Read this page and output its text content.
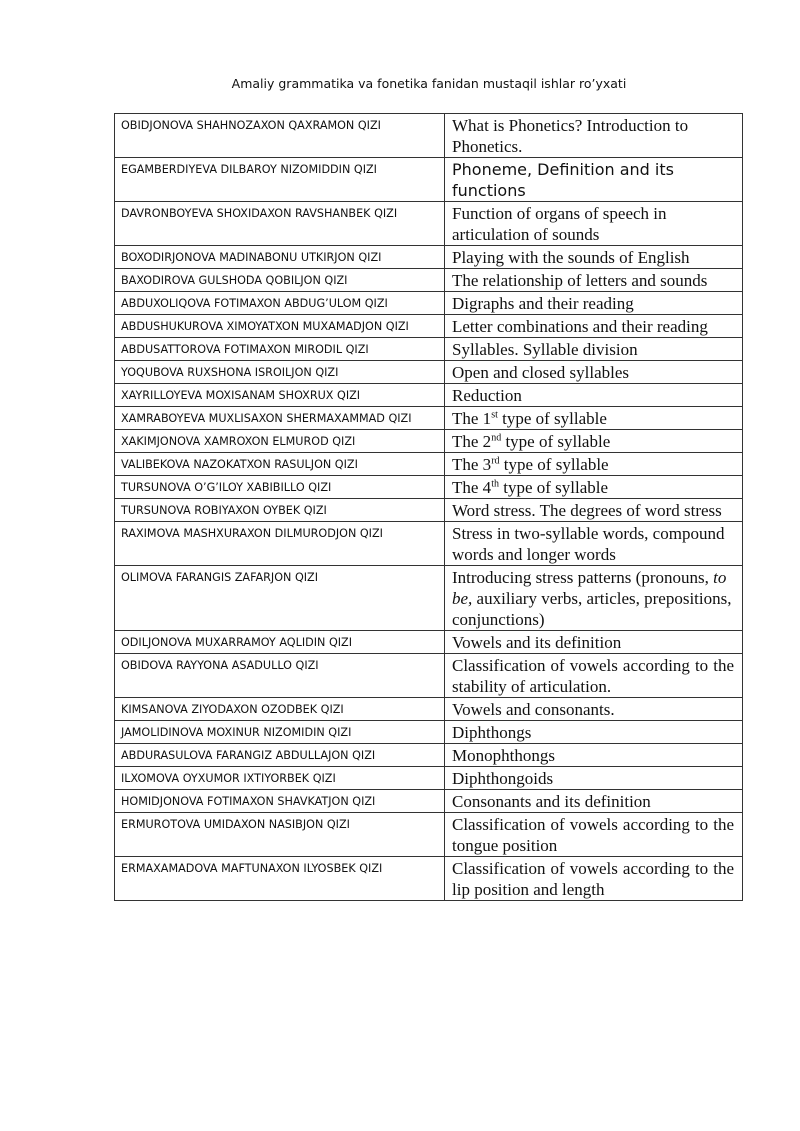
Amaliy grammatika va fonetika fanidan mustaqil ishlar ro’yxati
OBIDJONOVA SHAHNOZAXON QAXRAMON QIZI	What is Phonetics? Introduction to Phonetics.
EGAMBERDIYEVA DILBAROY NIZOMIDDIN QIZI	Phoneme, Definition and its functions
DAVRONBOYEVA SHOXIDAXON RAVSHANBEK QIZI	Function of organs of speech in articulation of sounds
BOXODIRJONOVA MADINABONU UTKIRJON QIZI	Playing with the sounds of English
BAXODIROVA GULSHODA QOBILJON QIZI	The relationship of letters and sounds
ABDUXOLIQOVA FOTIMAXON ABDUG’ULOM QIZI	Digraphs and their reading
ABDUSHUKUROVA XIMOYATXON MUXAMADJON QIZI	Letter combinations and their reading
ABDUSATTOROVA FOTIMAXON MIRODIL QIZI	Syllables. Syllable division
YOQUBOVA RUXSHONA ISROILJON QIZI	Open and closed syllables
XAYRILLOYEVA MOXISANAM SHOXRUX QIZI	Reduction
XAMRABOYEVA MUXLISAXON SHERMAXAMMAD QIZI	The 1st type of syllable
XAKIMJONOVA XAMROXON ELMUROD QIZI	The 2nd type of syllable
VALIBEKOVA NAZOKATXON RASULJON QIZI	The 3rd type of syllable
TURSUNOVA O’G’ILOY XABIBILLO QIZI	The 4th type of syllable
TURSUNOVA ROBIYAXON OYBEK QIZI	Word stress. The degrees of word stress
RAXIMOVA MASHXURAXON DILMURODJON QIZI	Stress in two-syllable words, compound words and longer words
OLIMOVA FARANGIS ZAFARJON QIZI	Introducing stress patterns (pronouns, to be, auxiliary verbs, articles, prepositions, conjunctions)
ODILJONOVA MUXARRAMOY AQLIDIN QIZI	Vowels and its definition
OBIDOVA RAYYONA ASADULLO QIZI	Classification of vowels according to the stability of articulation.
KIMSANOVA ZIYODAXON OZODBEK QIZI	Vowels and consonants.
JAMOLIDINOVA MOXINUR NIZOMIDIN QIZI	Diphthongs
ABDURASULOVA FARANGIZ ABDULLAJON QIZI	Monophthongs
ILXOMOVA OYXUMOR IXTIYORBEK QIZI	Diphthongoids
HOMIDJONOVA FOTIMAXON SHAVKATJON QIZI	Consonants and its definition
ERMUROTOVA UMIDAXON NASIBJON QIZI	Classification of vowels according to the tongue position
ERMAXAMADOVA MAFTUNAXON ILYOSBEK QIZI	Classification of vowels according to the lip position and length
